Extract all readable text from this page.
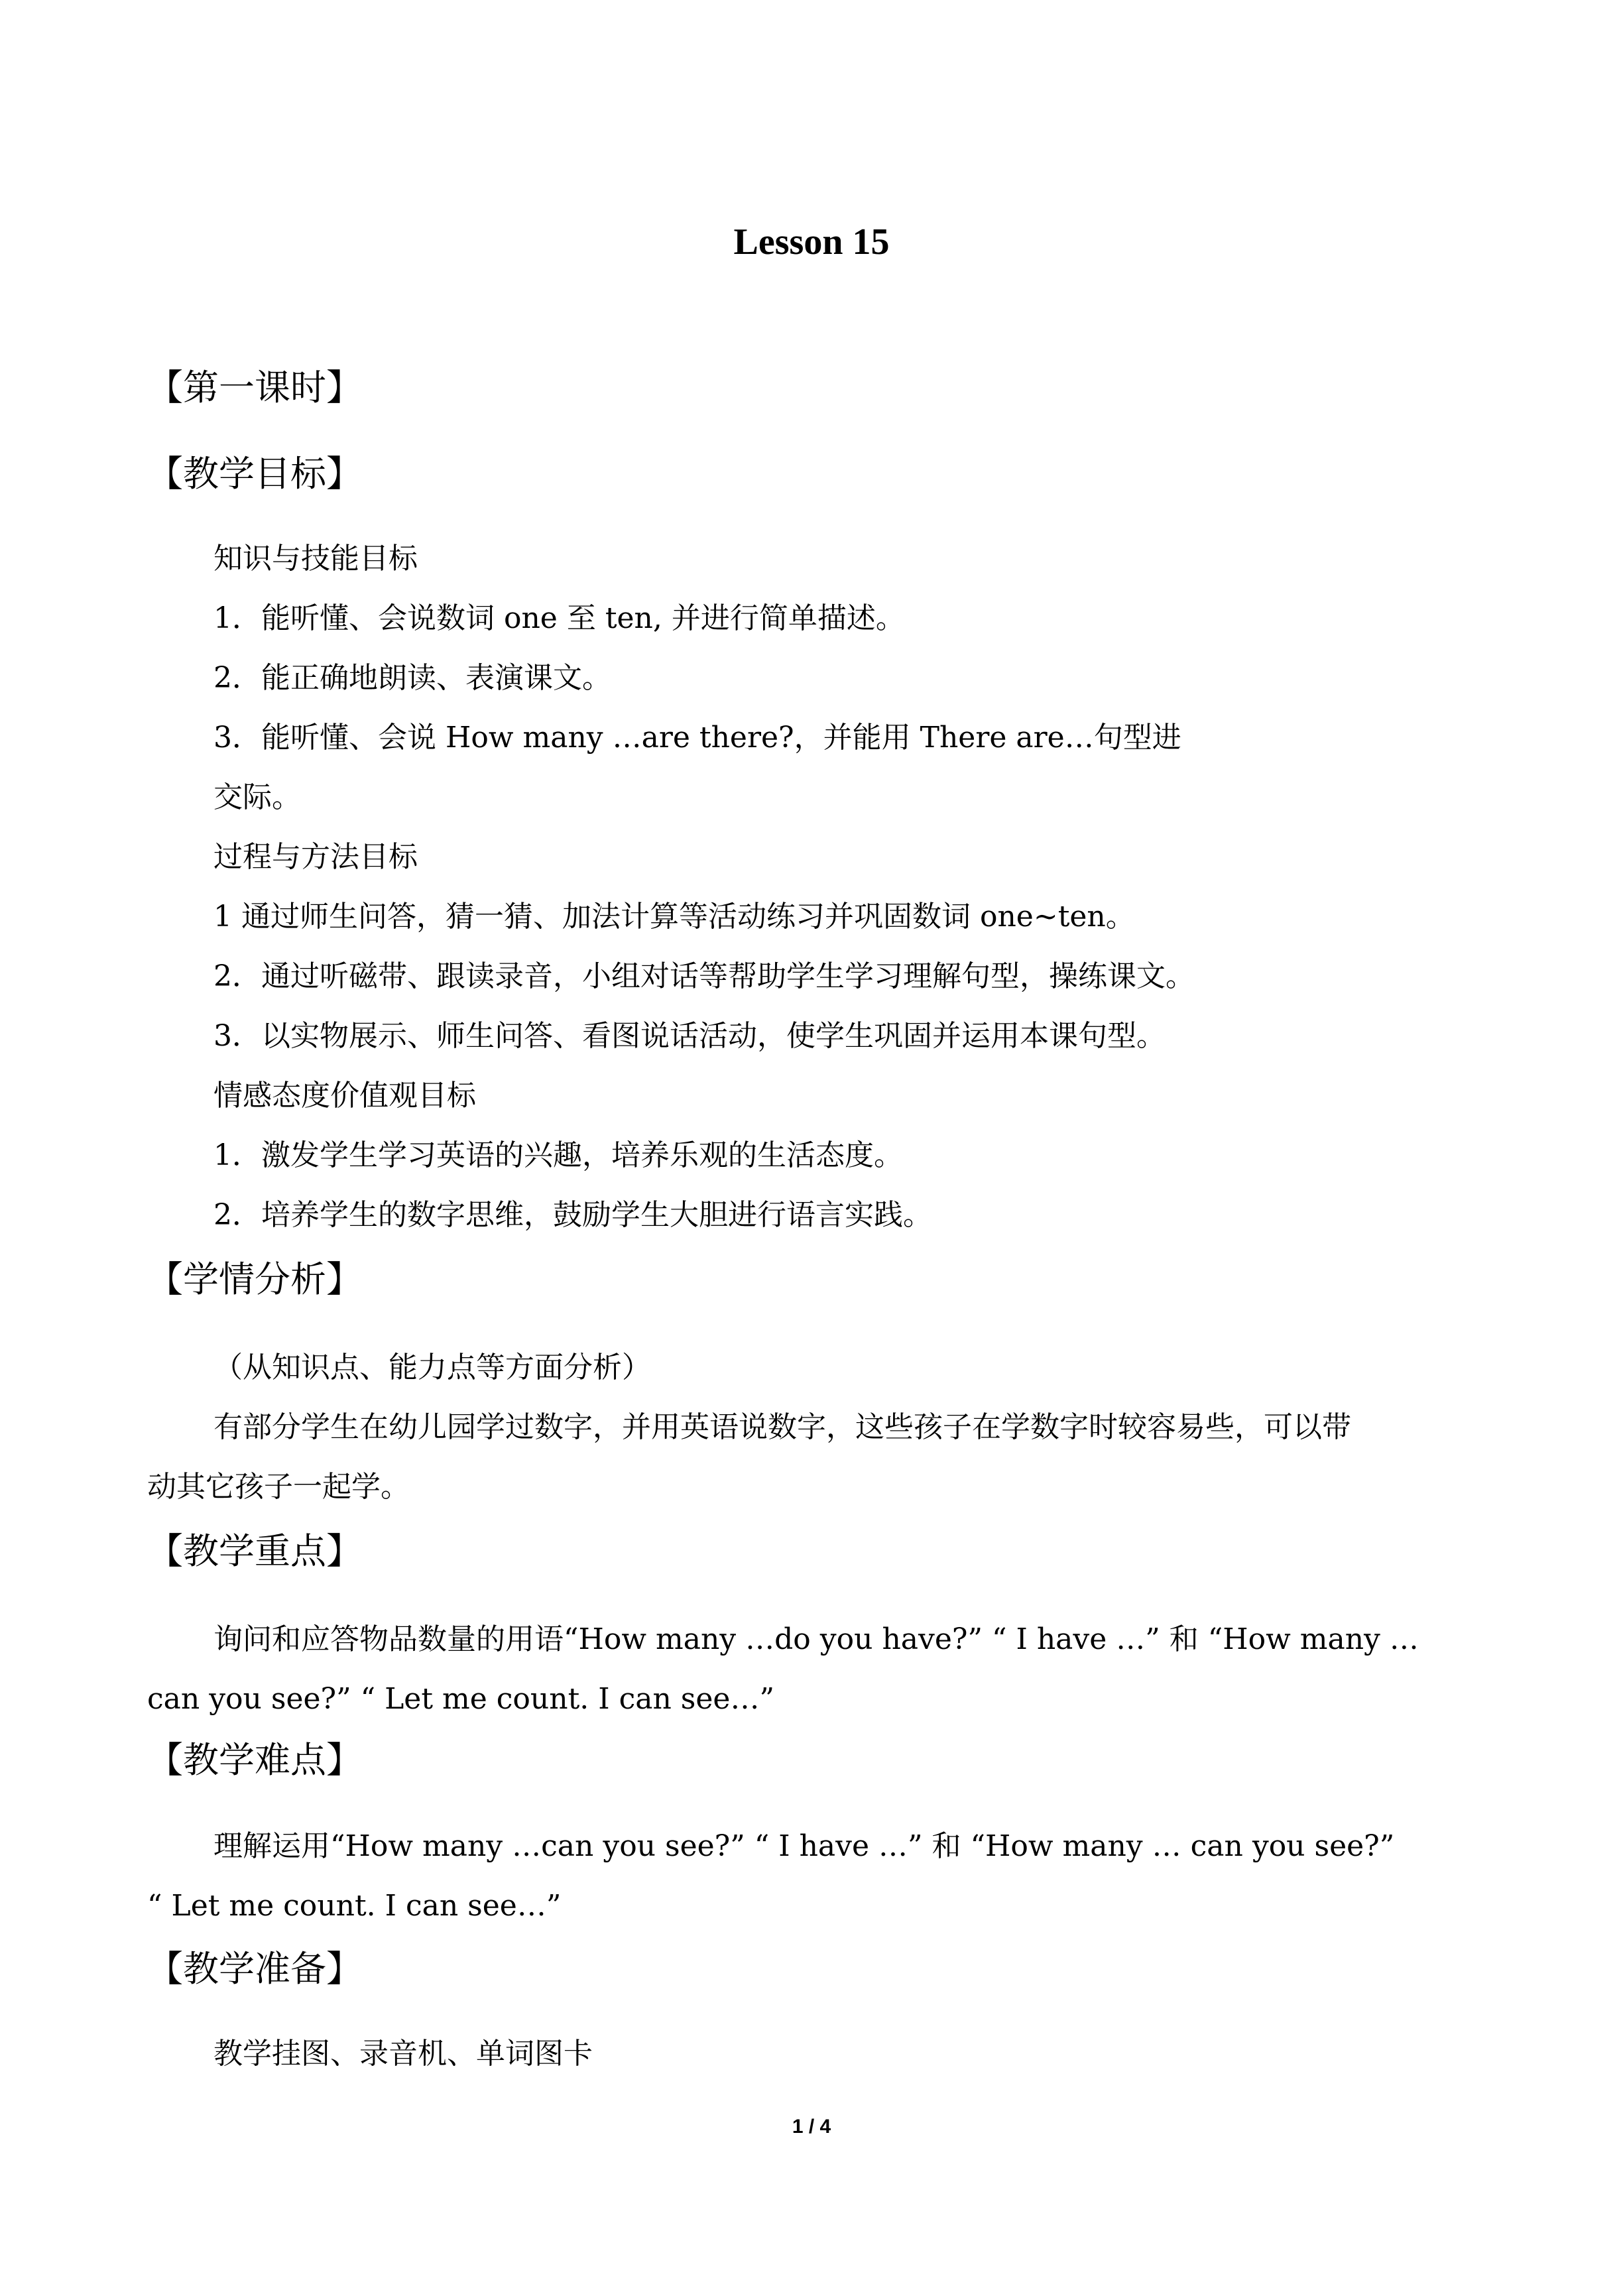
Lesson 15
【第一课时】
【教学目标】
知识与技能目标
1．能听懂、会说数词 one 至 ten, 并进行简单描述。
2．能正确地朗读、表演课文。
3．能听懂、会说 How many …are there?，并能用 There are…句型进
交际。
过程与方法目标
1 通过师生问答，猜一猜、加法计算等活动练习并巩固数词 one~ten。
2．通过听磁带、跟读录音，小组对话等帮助学生学习理解句型，操练课文。
3．以实物展示、师生问答、看图说话活动，使学生巩固并运用本课句型。
情感态度价值观目标
1．激发学生学习英语的兴趣，培养乐观的生活态度。
2．培养学生的数字思维，鼓励学生大胆进行语言实践。
【学情分析】
（从知识点、能力点等方面分析）
有部分学生在幼儿园学过数字，并用英语说数字，这些孩子在学数字时较容易些，可以带
动其它孩子一起学。
【教学重点】
询问和应答物品数量的用语“How many …do you have?” “ I have …” 和 “How many …
can you see?” “ Let me count. I can see…”
【教学难点】
理解运用“How many …can you see?” “ I have …” 和 “How many … can you see?”
“ Let me count. I can see…”
【教学准备】
教学挂图、录音机、单词图卡
1 / 4
